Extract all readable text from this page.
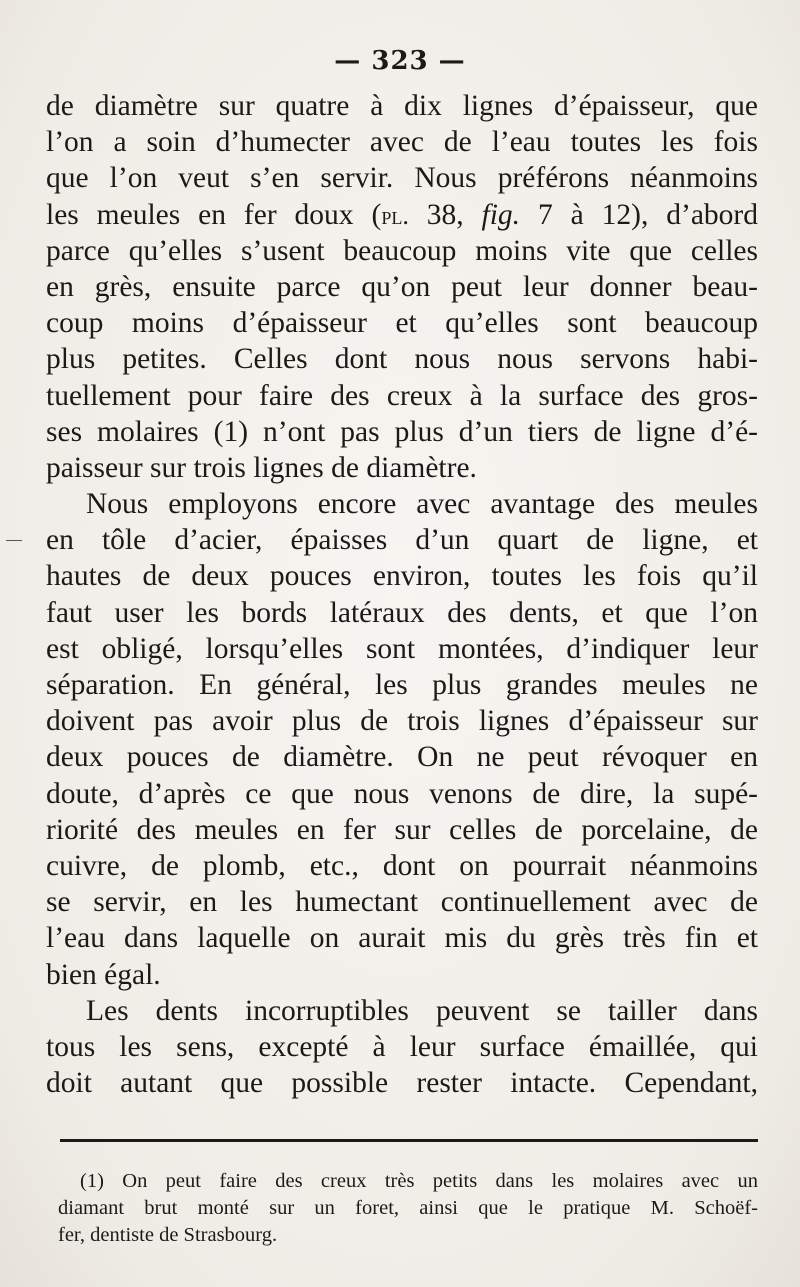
— 323 —
de diamètre sur quatre à dix lignes d’épaisseur, que
l’on a soin d’humecter avec de l’eau toutes les fois
que l’on veut s’en servir. Nous préférons néanmoins
les meules en fer doux (pl. 38, fig. 7 à 12), d’abord
parce qu’elles s’usent beaucoup moins vite que celles
en grès, ensuite parce qu’on peut leur donner beau-
coup moins d’épaisseur et qu’elles sont beaucoup
plus petites. Celles dont nous nous servons habi-
tuellement pour faire des creux à la surface des gros-
ses molaires (1) n’ont pas plus d’un tiers de ligne d’é-
paisseur sur trois lignes de diamètre.
Nous employons encore avec avantage des meules
en tôle d’acier, épaisses d’un quart de ligne, et
hautes de deux pouces environ, toutes les fois qu’il
faut user les bords latéraux des dents, et que l’on
est obligé, lorsqu’elles sont montées, d’indiquer leur
séparation. En général, les plus grandes meules ne
doivent pas avoir plus de trois lignes d’épaisseur sur
deux pouces de diamètre. On ne peut révoquer en
doute, d’après ce que nous venons de dire, la supé-
riorité des meules en fer sur celles de porcelaine, de
cuivre, de plomb, etc., dont on pourrait néanmoins
se servir, en les humectant continuellement avec de
l’eau dans laquelle on aurait mis du grès très fin et
bien égal.
Les dents incorruptibles peuvent se tailler dans
tous les sens, excepté à leur surface émaillée, qui
doit autant que possible rester intacte. Cependant,
(1) On peut faire des creux très petits dans les molaires avec un
diamant brut monté sur un foret, ainsi que le pratique M. Schoëf-
fer, dentiste de Strasbourg.
